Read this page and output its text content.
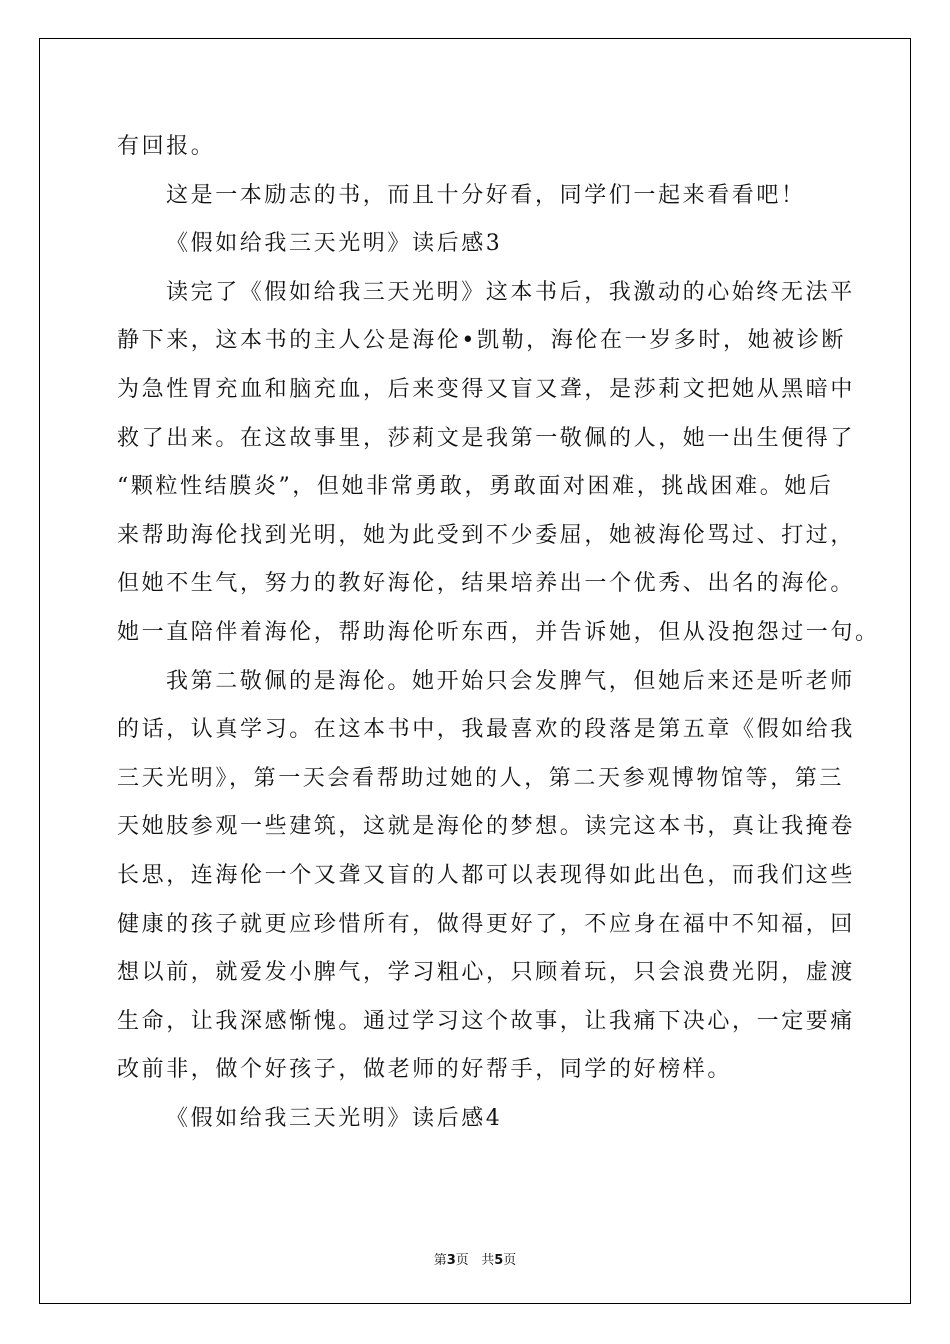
有回报。
这是一本励志的书，而且十分好看，同学们一起来看看吧！
《假如给我三天光明》读后感3
读完了《假如给我三天光明》这本书后，我激动的心始终无法平
静下来，这本书的主人公是海伦•凯勒，海伦在一岁多时，她被诊断
为急性胃充血和脑充血，后来变得又盲又聋，是莎莉文把她从黑暗中
救了出来。在这故事里，莎莉文是我第一敬佩的人，她一出生便得了
“颗粒性结膜炎”，但她非常勇敢，勇敢面对困难，挑战困难。她后
来帮助海伦找到光明，她为此受到不少委屈，她被海伦骂过、打过，
但她不生气，努力的教好海伦，结果培养出一个优秀、出名的海伦。
她一直陪伴着海伦，帮助海伦听东西，并告诉她，但从没抱怨过一句。
我第二敬佩的是海伦。她开始只会发脾气，但她后来还是听老师
的话，认真学习。在这本书中，我最喜欢的段落是第五章《假如给我
三天光明》，第一天会看帮助过她的人，第二天参观博物馆等，第三
天她肢参观一些建筑，这就是海伦的梦想。读完这本书，真让我掩卷
长思，连海伦一个又聋又盲的人都可以表现得如此出色，而我们这些
健康的孩子就更应珍惜所有，做得更好了，不应身在福中不知福，回
想以前，就爱发小脾气，学习粗心，只顾着玩，只会浪费光阴，虚渡
生命，让我深感惭愧。通过学习这个故事，让我痛下决心，一定要痛
改前非，做个好孩子，做老师的好帮手，同学的好榜样。
《假如给我三天光明》读后感4
第3页   共5页
